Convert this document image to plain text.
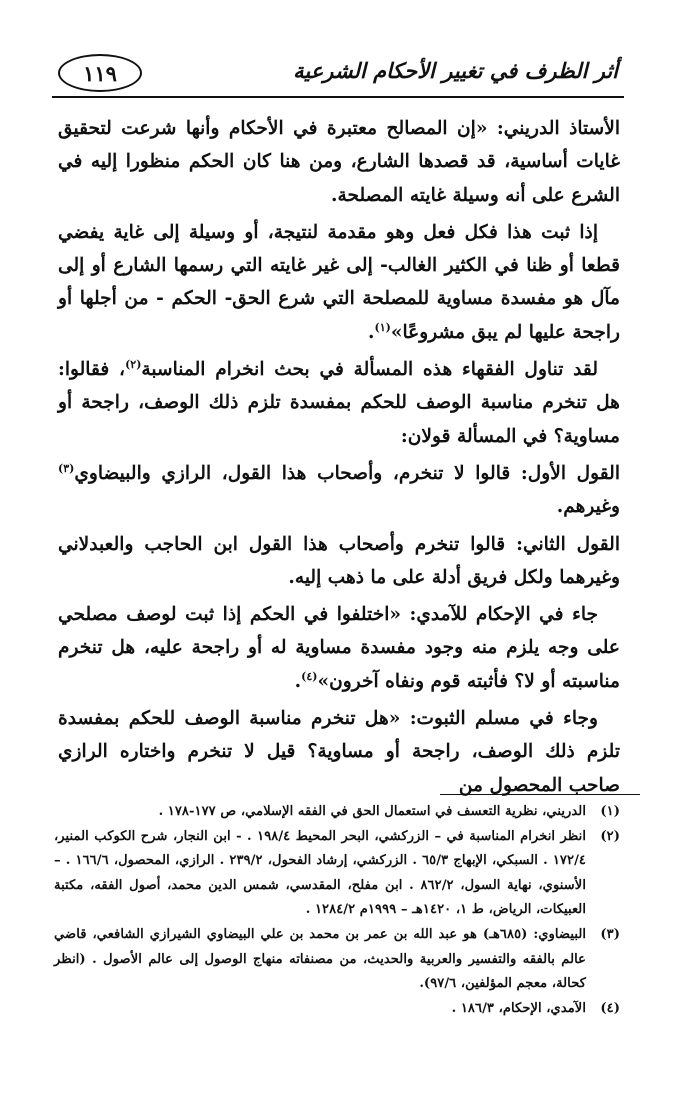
أثر الظرف في تغيير الأحكام الشرعية
١١٩

الأستاذ الدريني: «إن المصالح معتبرة في الأحكام وأنها شرعت لتحقيق غايات أساسية، قد قصدها الشارع، ومن هنا كان الحكم منظورا إليه في الشرع على أنه وسيلة غايته المصلحة.

إذا ثبت هذا فكل فعل وهو مقدمة لنتيجة، أو وسيلة إلى غاية يفضي قطعا أو ظنا في الكثير الغالب- إلى غير غايته التي رسمها الشارع أو إلى مآل هو مفسدة مساوية للمصلحة التي شرع الحق- الحكم - من أجلها أو راجحة عليها لم يبق مشروعًا»$^{(١)}$.

لقد تناول الفقهاء هذه المسألة في بحث انخرام المناسبة$^{(٢)}$، فقالوا: هل تنخرم مناسبة الوصف للحكم بمفسدة تلزم ذلك الوصف، راجحة أو مساوية؟ في المسألة قولان:

القول الأول: قالوا لا تنخرم، وأصحاب هذا القول، الرازي والبيضاوي$^{(٣)}$ وغيرهم.

القول الثاني: قالوا تنخرم وأصحاب هذا القول ابن الحاجب والعبدلاني وغيرهما ولكل فريق أدلة على ما ذهب إليه.

جاء في الإحكام للآمدي: «اختلفوا في الحكم إذا ثبت لوصف مصلحي على وجه يلزم منه وجود مفسدة مساوية له أو راجحة عليه، هل تنخرم مناسبته أو لا؟ فأثبته قوم ونفاه آخرون»$^{(٤)}$.

وجاء في مسلم الثبوت: «هل تنخرم مناسبة الوصف للحكم بمفسدة تلزم ذلك الوصف، راجحة أو مساوية؟ قيل لا تنخرم واختاره الرازي صاحب المحصول من

(١)
الدريني، نظرية التعسف في استعمال الحق في الفقه الإسلامي، ص ١٧٧-١٧٨ .
(٢)
انظر انخرام المناسبة في – الزركشي، البحر المحيط ١٩٨/٤ . - ابن النجار، شرح الكوكب المنير، ١٧٢/٤ . السبكي، الإبهاج ٦٥/٣ . الزركشي، إرشاد الفحول، ٢٣٩/٢ . الرازي، المحصول، ١٦٦/٦ . – الأسنوي، نهاية السول، ٨٦٢/٢ . ابن مفلح، المقدسي، شمس الدين محمد، أصول الفقه، مكتبة العبيكات، الرياض، ط ١، ١٤٢٠هـ – ١٩٩٩م ١٢٨٤/٢ .
(٣)
البيضاوي: (٦٨٥هـ) هو عبد الله بن عمر بن محمد بن علي البيضاوي الشيرازي الشافعي، قاضي عالم بالفقه والتفسير والعربية والحديث، من مصنفاته منهاج الوصول إلى عالم الأصول . (انظر كحالة، معجم المؤلفين، ٩٧/٦).
(٤)
الآمدي، الإحكام، ١٨٦/٣ .
